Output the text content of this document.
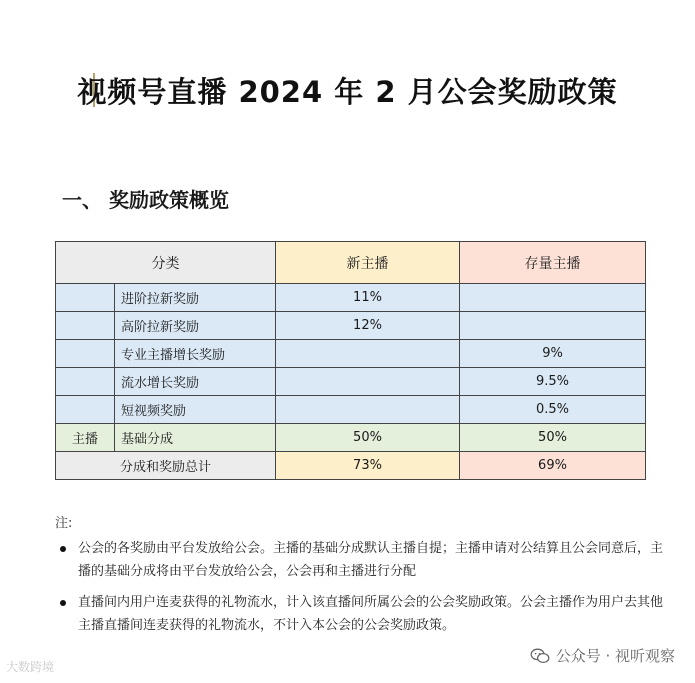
视频号直播 2024 年 2 月公会奖励政策
一、 奖励政策概览
分类		新主播	存量主播
	进阶拉新奖励	11%	
	高阶拉新奖励	12%	
	专业主播增长奖励		9%
	流水增长奖励		9.5%
	短视频奖励		0.5%
主播	基础分成	50%	50%
分成和奖励总计		73%	69%
注:
公会的各奖励由平台发放给公会。主播的基础分成默认主播自提；主播申请对公结算且公会同意后，主播的基础分成将由平台发放给公会，公会再和主播进行分配
直播间内用户连麦获得的礼物流水，计入该直播间所属公会的公会奖励政策。公会主播作为用户去其他主播直播间连麦获得的礼物流水，不计入本公会的公会奖励政策。
大数跨境
公众号 · 视听观察
